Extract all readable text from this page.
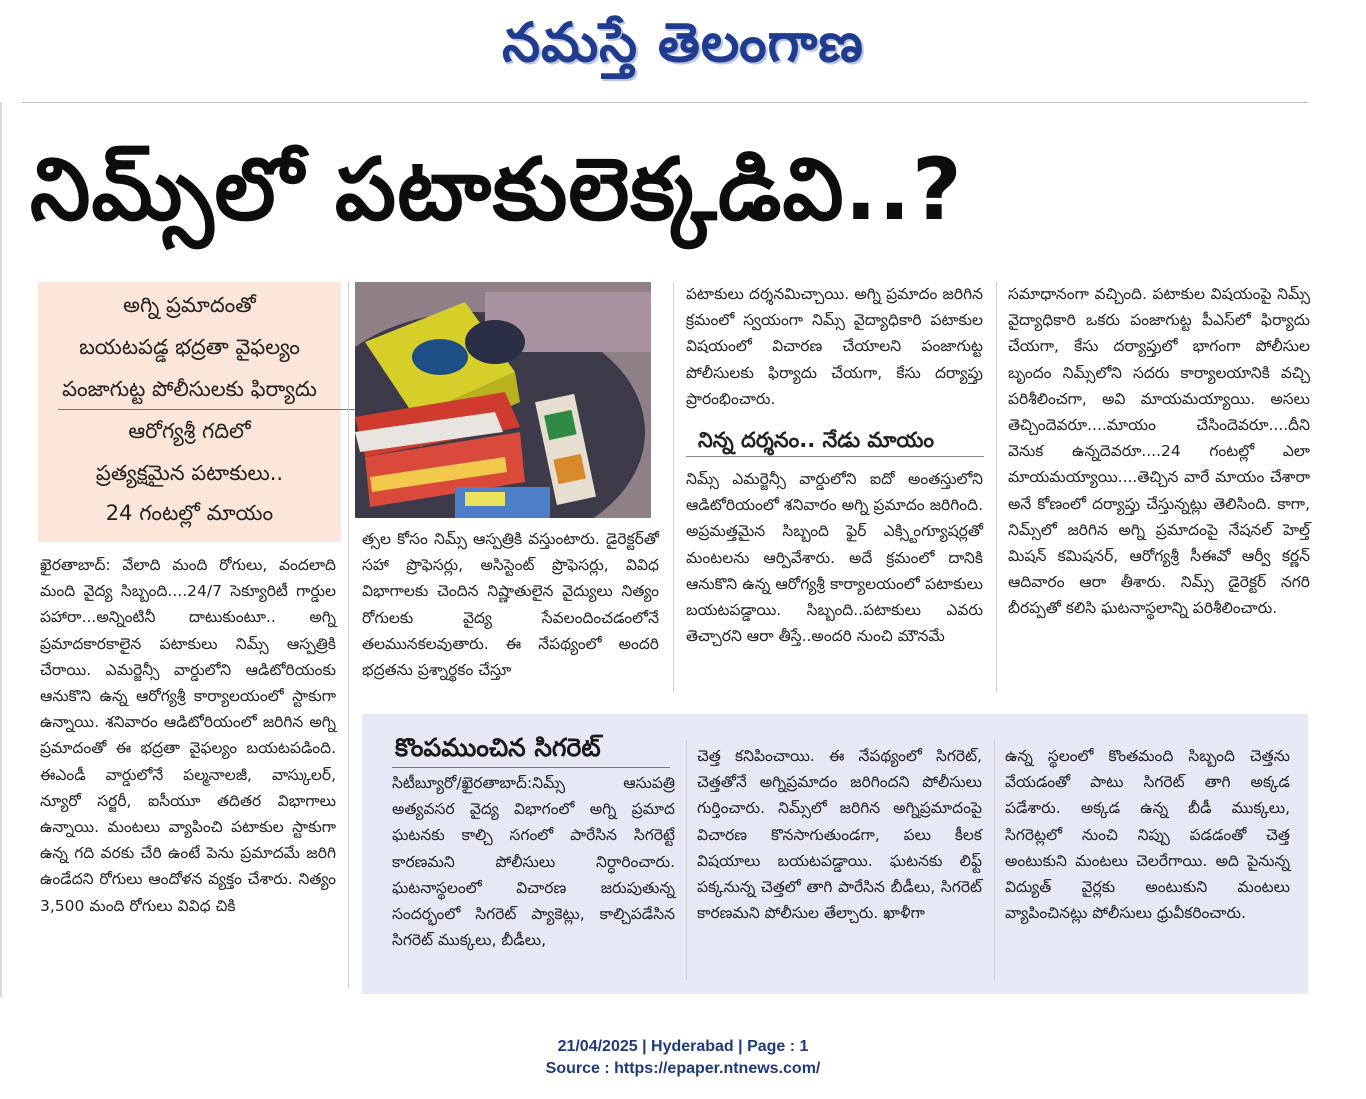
నమస్తే తెలంగాణ
నిమ్స్‌లో పటాకులెక్కడివి..?
అగ్ని ప్రమాదంతో
బయటపడ్డ భద్రతా వైఫల్యం
పంజాగుట్ట పోలీసులకు ఫిర్యాదు
ఆరోగ్యశ్రీ గదిలో
ప్రత్యక్షమైన పటాకులు..
24 గంటల్లో మాయం

ఖైరతాబాద్: వేలాది మంది రోగులు, వందలాది మంది వైద్య సిబ్బంది....24/7 సెక్యూరిటీ గార్డుల పహారా...అన్నింటినీ దాటుకుంటూ.. అగ్ని ప్రమాదకారకాలైన పటాకులు నిమ్స్ ఆస్పత్రికి చేరాయి. ఎమర్జెన్సీ వార్డులోని ఆడిటోరియంకు ఆనుకొని ఉన్న ఆరోగ్యశ్రీ కార్యాలయంలో స్టాకుగా ఉన్నాయి. శనివారం ఆడిటోరియంలో జరిగిన అగ్ని ప్రమాదంతో ఈ భద్రతా వైఫల్యం బయటపడింది. ఈఎండీ వార్డులోనే పల్మనాలజీ, వాస్కులర్, న్యూరో సర్జరీ, ఐసీయూ తదితర విభాగాలు ఉన్నాయి. మంటలు వ్యాపించి పటాకుల స్టాకుగా ఉన్న గది వరకు చేరి ఉంటే పెను ప్రమాదమే జరిగి ఉండేదని రోగులు ఆందోళన వ్యక్తం చేశారు. నిత్యం 3,500 మంది రోగులు వివిధ చికి

త్సల కోసం నిమ్స్ ఆస్పత్రికి వస్తుంటారు. డైరెక్టర్‌తో సహా ప్రొఫెసర్లు, అసిస్టెంట్ ప్రొఫెసర్లు, వివిధ విభాగాలకు చెందిన నిష్ణాతులైన వైద్యులు నిత్యం రోగులకు వైద్య సేవలందించడంలోనే తలమునకలవుతారు. ఈ నేపథ్యంలో అందరి భద్రతను ప్రశ్నార్థకం చేస్తూ

పటాకులు దర్శనమిచ్చాయి. అగ్ని ప్రమాదం జరిగిన క్రమంలో స్వయంగా నిమ్స్ వైద్యాధికారి పటాకుల విషయంలో విచారణ చేయాలని పంజాగుట్ట పోలీసులకు ఫిర్యాదు చేయగా, కేసు దర్యాప్తు ప్రారంభించారు.

నిన్న దర్శనం.. నేడు మాయం

నిమ్స్ ఎమర్జెన్సీ వార్డులోని ఐదో అంతస్తులోని ఆడిటోరియంలో శనివారం అగ్ని ప్రమాదం జరిగింది. అప్రమత్తమైన సిబ్బంది ఫైర్ ఎక్స్టింగ్యూషర్లతో మంటలను ఆర్పివేశారు. అదే క్రమంలో దానికి ఆనుకొని ఉన్న ఆరోగ్యశ్రీ కార్యాలయంలో పటాకులు బయటపడ్డాయి. సిబ్బంది..పటాకులు ఎవరు తెచ్చారని ఆరా తీస్తే..అందరి నుంచి మౌనమే

సమాధానంగా వచ్చింది. పటాకుల విషయంపై నిమ్స్ వైద్యాధికారి ఒకరు పంజాగుట్ట పీఎస్‌లో ఫిర్యాదు చేయగా, కేసు దర్యాప్తులో భాగంగా పోలీసుల బృందం నిమ్స్‌లోని సదరు కార్యాలయానికి వచ్చి పరిశీలించగా, అవి మాయమయ్యాయి. అసలు తెచ్చిందెవరూ....మాయం చేసిందెవరూ....దీని వెనుక ఉన్నదెవరూ....24 గంటల్లో ఎలా మాయమయ్యాయి....తెచ్చిన వారే మాయం చేశారా అనే కోణంలో దర్యాప్తు చేస్తున్నట్లు తెలిసింది. కాగా, నిమ్స్‌లో జరిగిన అగ్ని ప్రమాదంపై నేషనల్ హెల్త్ మిషన్ కమిషనర్, ఆరోగ్యశ్రీ సీఈవో ఆర్వీ కర్ణన్ ఆదివారం ఆరా తీశారు. నిమ్స్ డైరెక్టర్ నగరి బీరప్పతో కలిసి ఘటనాస్థలాన్ని పరిశీలించారు.

కొంపముంచిన సిగరెట్

సిటీబ్యూరో/ఖైరతాబాద్:నిమ్స్ ఆసుపత్రి అత్యవసర వైద్య విభాగంలో అగ్ని ప్రమాద ఘటనకు కాల్చి సగంలో పారేసిన సిగరెట్టే కారణమని పోలీసులు నిర్ధారించారు. ఘటనాస్థలంలో విచారణ జరుపుతున్న సందర్భంలో సిగరెట్ ప్యాకెట్లు, కాల్చిపడేసిన సిగరెట్ ముక్కలు, బీడీలు,

చెత్త కనిపించాయి. ఈ నేపథ్యంలో సిగరెట్, చెత్తతోనే అగ్నిప్రమాదం జరిగిందని పోలీసులు గుర్తించారు. నిమ్స్‌లో జరిగిన అగ్నిప్రమాదంపై విచారణ కొనసాగుతుండగా, పలు కీలక విషయాలు బయటపడ్డాయి. ఘటనకు లిఫ్ట్ పక్కనున్న చెత్తలో తాగి పారేసిన బీడీలు, సిగరెట్ కారణమని పోలీసుల తేల్చారు. ఖాళీగా

ఉన్న స్థలంలో కొంతమంది సిబ్బంది చెత్తను వేయడంతో పాటు సిగరెట్ తాగి అక్కడ పడేశారు. అక్కడ ఉన్న బీడీ ముక్కలు, సిగరెట్లలో నుంచి నిప్పు పడడంతో చెత్త అంటుకుని మంటలు చెలరేగాయి. అది పైనున్న విద్యుత్ వైర్లకు అంటుకుని మంటలు వ్యాపించినట్లు పోలీసులు ధ్రువీకరించారు.

21/04/2025 | Hyderabad | Page : 1
Source : https://epaper.ntnews.com/
